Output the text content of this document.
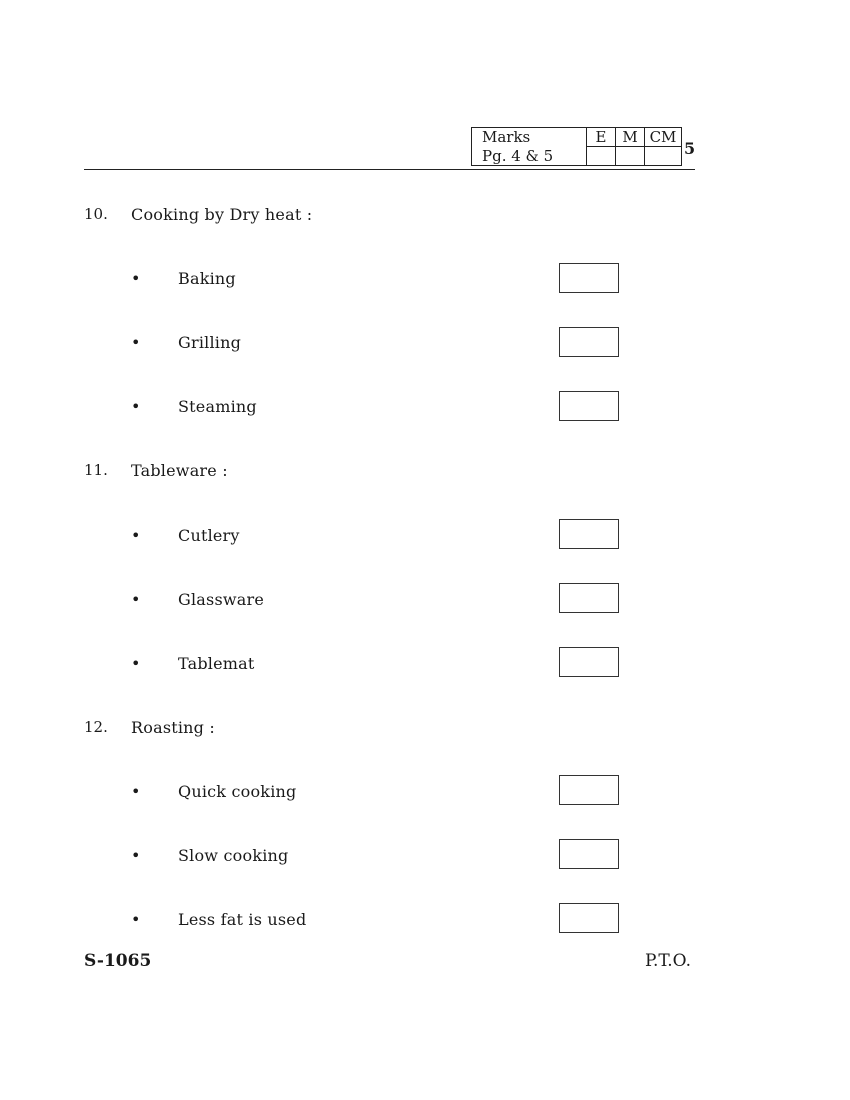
Marks	E	M	CM
Pg. 4 & 5				5
10. Cooking by Dry heat :
• Baking
• Grilling
• Steaming
11. Tableware :
• Cutlery
• Glassware
• Tablemat
12. Roasting :
• Quick cooking
• Slow cooking
• Less fat is used
S-1065	P.T.O.
